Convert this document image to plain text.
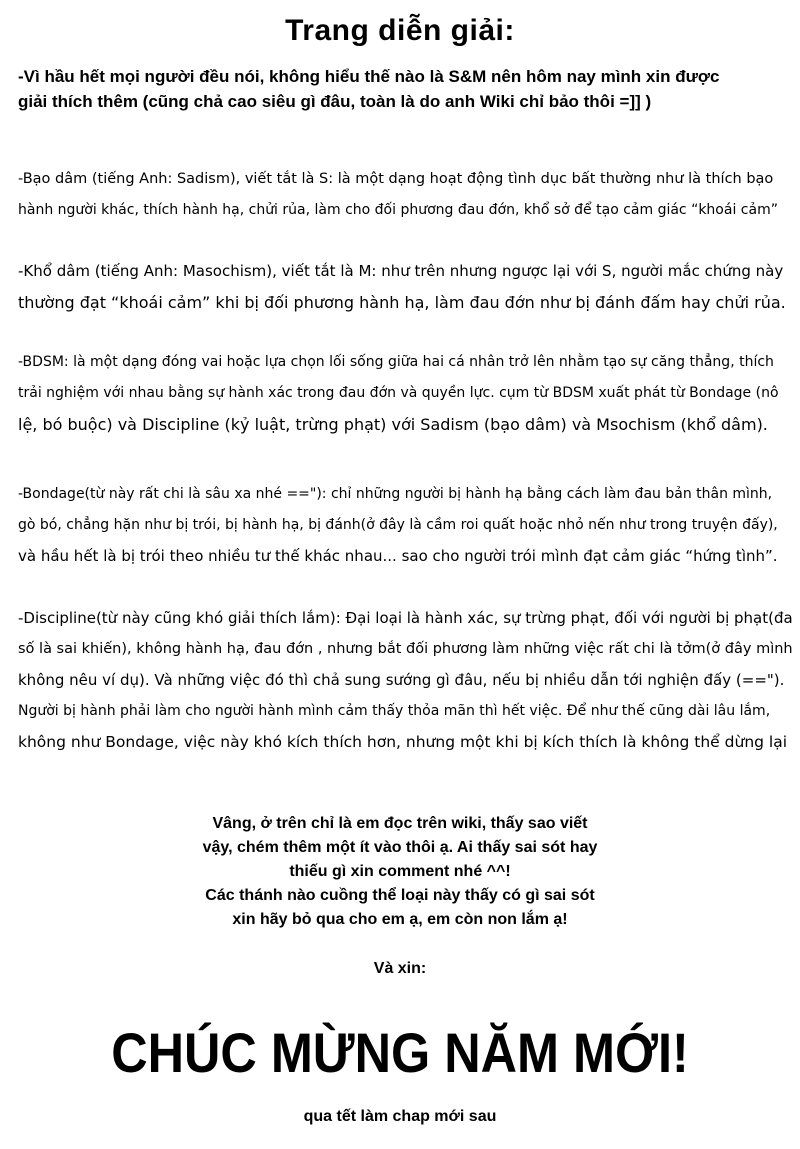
Trang diễn giải:
-Vì hầu hết mọi người đều nói, không hiểu thế nào là S&M nên hôm nay mình xin được
giải thích thêm (cũng chả cao siêu gì đâu, toàn là do anh Wiki chỉ bảo thôi =]] )
-Bạo dâm (tiếng Anh: Sadism), viết tắt là S: là một dạng hoạt động tình dục bất thường như là thích bạo
hành người khác, thích hành hạ, chửi rủa, làm cho đối phương đau đớn, khổ sở để tạo cảm giác “khoái cảm”
-Khổ dâm (tiếng Anh: Masochism), viết tắt là M: như trên nhưng ngược lại với S, người mắc chứng này
thường đạt “khoái cảm” khi bị đối phương hành hạ, làm đau đớn như bị đánh đấm hay chửi rủa.
-BDSM: là một dạng đóng vai hoặc lựa chọn lối sống giữa hai cá nhân trở lên nhằm tạo sự căng thẳng, thích
trải nghiệm với nhau bằng sự hành xác trong đau đớn và quyền lực. cụm từ BDSM xuất phát từ Bondage (nô
lệ, bó buộc) và Discipline (kỷ luật, trừng phạt) với Sadism (bạo dâm) và Msochism (khổ dâm).
-Bondage(từ này rất chi là sâu xa nhé =="): chỉ những người bị hành hạ bằng cách làm đau bản thân mình,
gò bó, chẳng hặn như bị trói, bị hành hạ, bị đánh(ở đây là cầm roi quất hoặc nhỏ nến như trong truyện đấy),
và hầu hết là bị trói theo nhiều tư thế khác nhau... sao cho người trói mình đạt cảm giác “hứng tình”.
-Discipline(từ này cũng khó giải thích lắm): Đại loại là hành xác, sự trừng phạt, đối với người bị phạt(đa
số là sai khiến), không hành hạ, đau đớn , nhưng bắt đối phương làm những việc rất chi là tởm(ở đây mình
không nêu ví dụ). Và những việc đó thì chả sung sướng gì đâu, nếu bị nhiều dẫn tới nghiện đấy (==").
Người bị hành phải làm cho người hành mình cảm thấy thỏa mãn thì hết việc. Để như thế cũng dài lâu lắm,
không như Bondage, việc này khó kích thích hơn, nhưng một khi bị kích thích là không thể dừng lại
Vâng, ở trên chỉ là em đọc trên wiki, thấy sao viết
vậy, chém thêm một ít vào thôi ạ. Ai thấy sai sót hay
thiếu gì xin comment nhé ^^!
Các thánh nào cuồng thể loại này thấy có gì sai sót
xin hãy bỏ qua cho em ạ, em còn non lắm ạ!
Và xin:
CHÚC MỪNG NĂM MỚI!
qua tết làm chap mới sau
